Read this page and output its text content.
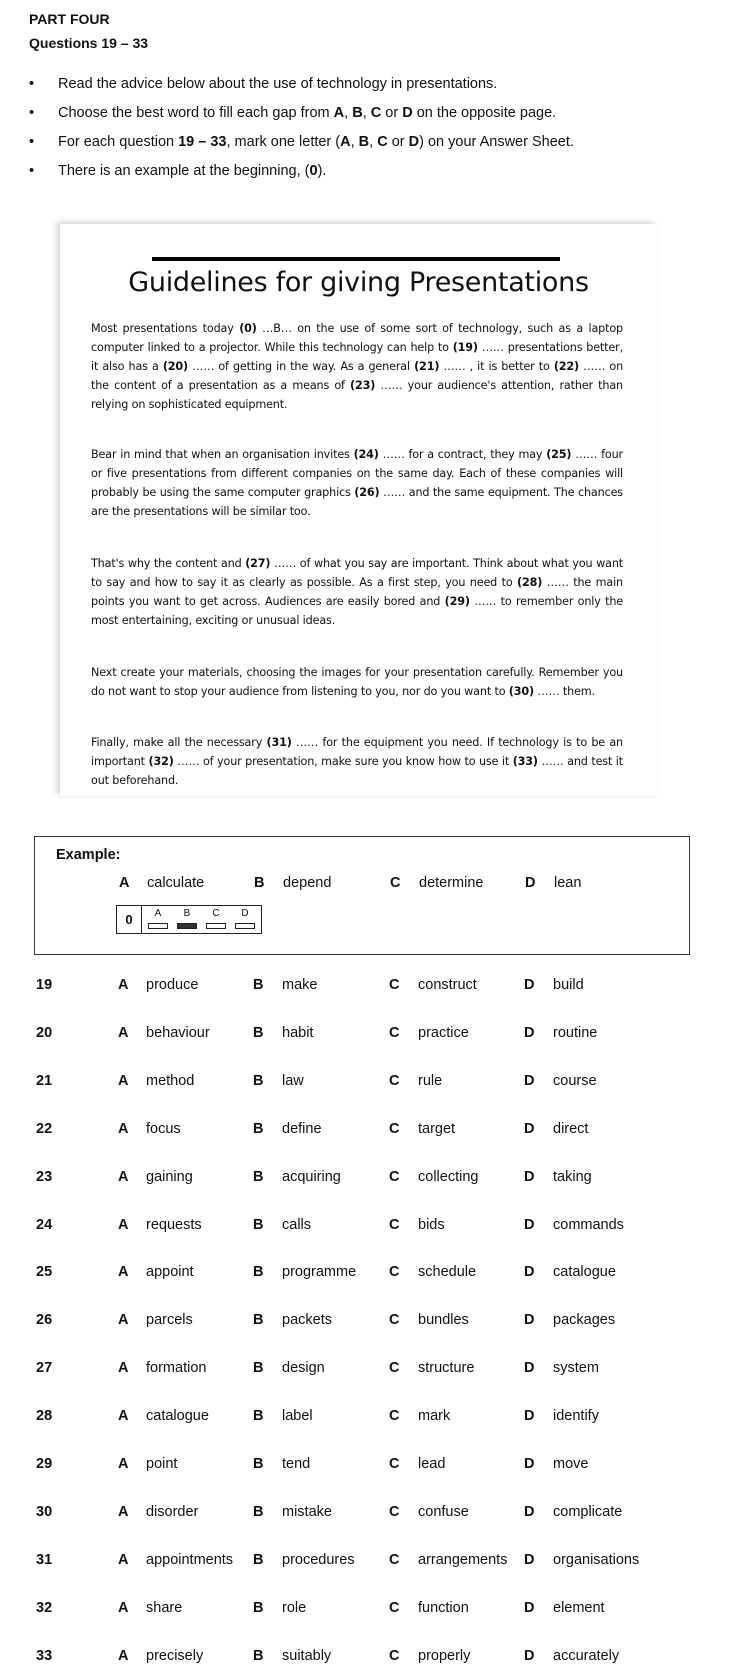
PART FOUR
Questions 19 – 33
• Read the advice below about the use of technology in presentations.
• Choose the best word to fill each gap from A, B, C or D on the opposite page.
• For each question 19 – 33, mark one letter (A, B, C or D) on your Answer Sheet.
• There is an example at the beginning, (0).
Guidelines for giving Presentations
Most presentations today (0) …B… on the use of some sort of technology, such as a laptop computer linked to a projector. While this technology can help to (19) …… presentations better, it also has a (20) …… of getting in the way. As a general (21) …… , it is better to (22) …… on the content of a presentation as a means of (23) …… your audience's attention, rather than relying on sophisticated equipment.
Bear in mind that when an organisation invites (24) …… for a contract, they may (25) …… four or five presentations from different companies on the same day. Each of these companies will probably be using the same computer graphics (26) …… and the same equipment. The chances are the presentations will be similar too.
That's why the content and (27) …… of what you say are important. Think about what you want to say and how to say it as clearly as possible. As a first step, you need to (28) …… the main points you want to get across. Audiences are easily bored and (29) …… to remember only the most entertaining, exciting or unusual ideas.
Next create your materials, choosing the images for your presentation carefully. Remember you do not want to stop your audience from listening to you, nor do you want to (30) …… them.
Finally, make all the necessary (31) …… for the equipment you need. If technology is to be an important (32) …… of your presentation, make sure you know how to use it (33) …… and test it out beforehand.
Example:
A calculate	B depend	C determine	D lean
0	A	B	C	D
19	A produce	B make	C construct	D build
20	A behaviour	B habit	C practice	D routine
21	A method	B law	C rule	D course
22	A focus	B define	C target	D direct
23	A gaining	B acquiring	C collecting	D taking
24	A requests	B calls	C bids	D commands
25	A appoint	B programme C schedule	D catalogue
26	A parcels	B packets	C bundles	D packages
27	A formation	B design	C structure	D system
28	A catalogue	B label	C mark	D identify
29	A point	B tend	C lead	D move
30	A disorder	B mistake	C confuse	D complicate
31	A appointments B procedures C arrangements D organisations
32	A share	B role	C function	D element
33	A precisely	B suitably	C properly	D accurately
